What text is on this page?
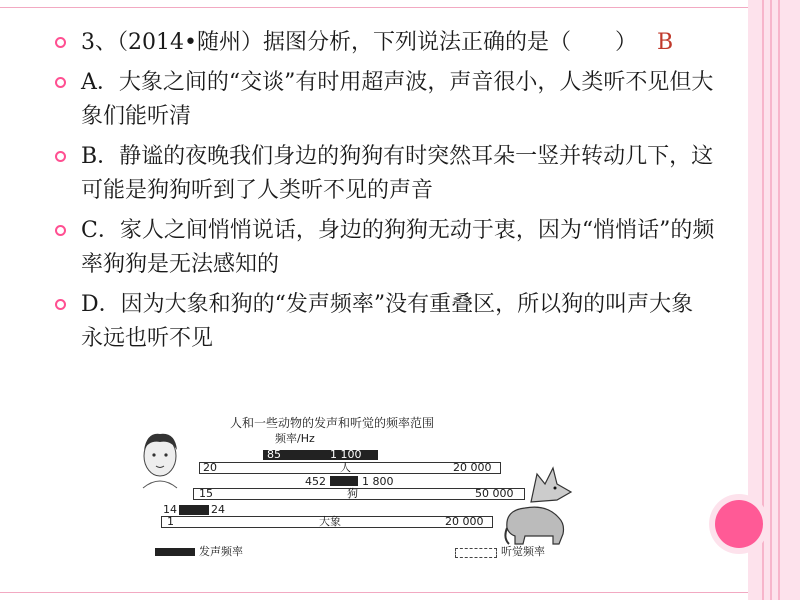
3、（2014•随州）据图分析，下列说法正确的是（　　） B
A．大象之间的“交谈”有时用超声波，声音很小，人类听不见但大象们能听清
B．静谧的夜晚我们身边的狗狗有时突然耳朵一竖并转动几下，这可能是狗狗听到了人类听不见的声音
C．家人之间悄悄说话，身边的狗狗无动于衷，因为“悄悄话”的频率狗狗是无法感知的
D．因为大象和狗的“发声频率”没有重叠区，所以狗的叫声大象永远也听不见
人和一些动物的发声和听觉的频率范围
频率/Hz
85	1 100
20	人	20 000
452	1 800
15	狗	50 000
14	24
1	大象	20 000
发声频率	听觉频率
